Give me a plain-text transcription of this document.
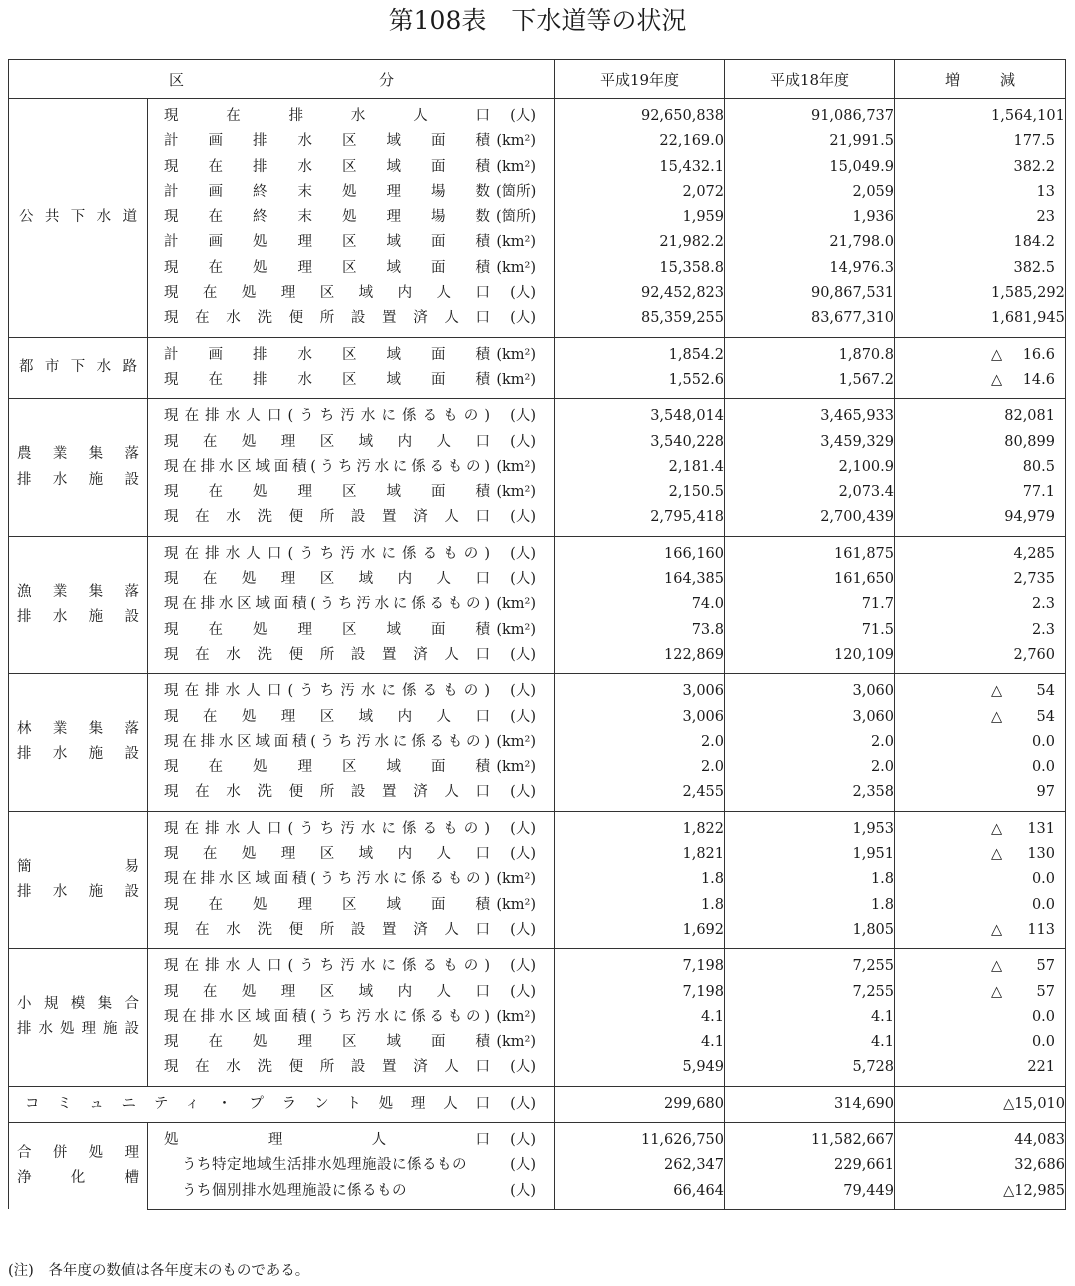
第108表　下水道等の状況
区 分		平成19年度	平成18年度	増 減

公共下水道	現在排水人口 (人)	92,650,838	91,086,737	1,564,101

	計画排水区域面積 (km²)	22,169.0	21,991.5	177.5

	現在排水区域面積 (km²)	15,432.1	15,049.9	382.2

	計画終末処理場数 (箇所)	2,072	2,059	13

	現在終末処理場数 (箇所)	1,959	1,936	23

	計画処理区域面積 (km²)	21,982.2	21,798.0	184.2

	現在処理区域面積 (km²)	15,358.8	14,976.3	382.5

	現在処理区域内人口 (人)	92,452,823	90,867,531	1,585,292

	現在水洗便所設置済人口 (人)	85,359,255	83,677,310	1,681,945

都市下水路	計画排水区域面積 (km²)	1,854.2	1,870.8	△ 16.6

	現在排水区域面積 (km²)	1,552.6	1,567.2	△ 14.6

農業集落
排水施設	現在排水人口(うち汚水に係るもの) (人)	3,548,014	3,465,933	82,081

	現在処理区域内人口 (人)	3,540,228	3,459,329	80,899

	現在排水区域面積(うち汚水に係るもの) (km²)	2,181.4	2,100.9	80.5

	現在処理区域面積 (km²)	2,150.5	2,073.4	77.1

	現在水洗便所設置済人口 (人)	2,795,418	2,700,439	94,979

漁業集落
排水施設	現在排水人口(うち汚水に係るもの) (人)	166,160	161,875	4,285

	現在処理区域内人口 (人)	164,385	161,650	2,735

	現在排水区域面積(うち汚水に係るもの) (km²)	74.0	71.7	2.3

	現在処理区域面積 (km²)	73.8	71.5	2.3

	現在水洗便所設置済人口 (人)	122,869	120,109	2,760

林業集落
排水施設	現在排水人口(うち汚水に係るもの) (人)	3,006	3,060	△ 54

	現在処理区域内人口 (人)	3,006	3,060	△ 54

	現在排水区域面積(うち汚水に係るもの) (km²)	2.0	2.0	0.0

	現在処理区域面積 (km²)	2.0	2.0	0.0

	現在水洗便所設置済人口 (人)	2,455	2,358	97

簡易
排水施設	現在排水人口(うち汚水に係るもの) (人)	1,822	1,953	△ 131

	現在処理区域内人口 (人)	1,821	1,951	△ 130

	現在排水区域面積(うち汚水に係るもの) (km²)	1.8	1.8	0.0

	現在処理区域面積 (km²)	1.8	1.8	0.0

	現在水洗便所設置済人口 (人)	1,692	1,805	△ 113

小規模集合
排水処理施設	現在排水人口(うち汚水に係るもの) (人)	7,198	7,255	△ 57

	現在処理区域内人口 (人)	7,198	7,255	△ 57

	現在排水区域面積(うち汚水に係るもの) (km²)	4.1	4.1	0.0

	現在処理区域面積 (km²)	4.1	4.1	0.0

	現在水洗便所設置済人口 (人)	5,949	5,728	221

コミュニティ・プラント処理人口 (人)		299,680	314,690	△15,010

合併処理
浄化槽	処理人口 (人)	11,626,750	11,582,667	44,083

	うち特定地域生活排水処理施設に係るもの (人)	262,347	229,661	32,686

	うち個別排水処理施設に係るもの (人)	66,464	79,449	△12,985
(注)　各年度の数値は各年度末のものである。
